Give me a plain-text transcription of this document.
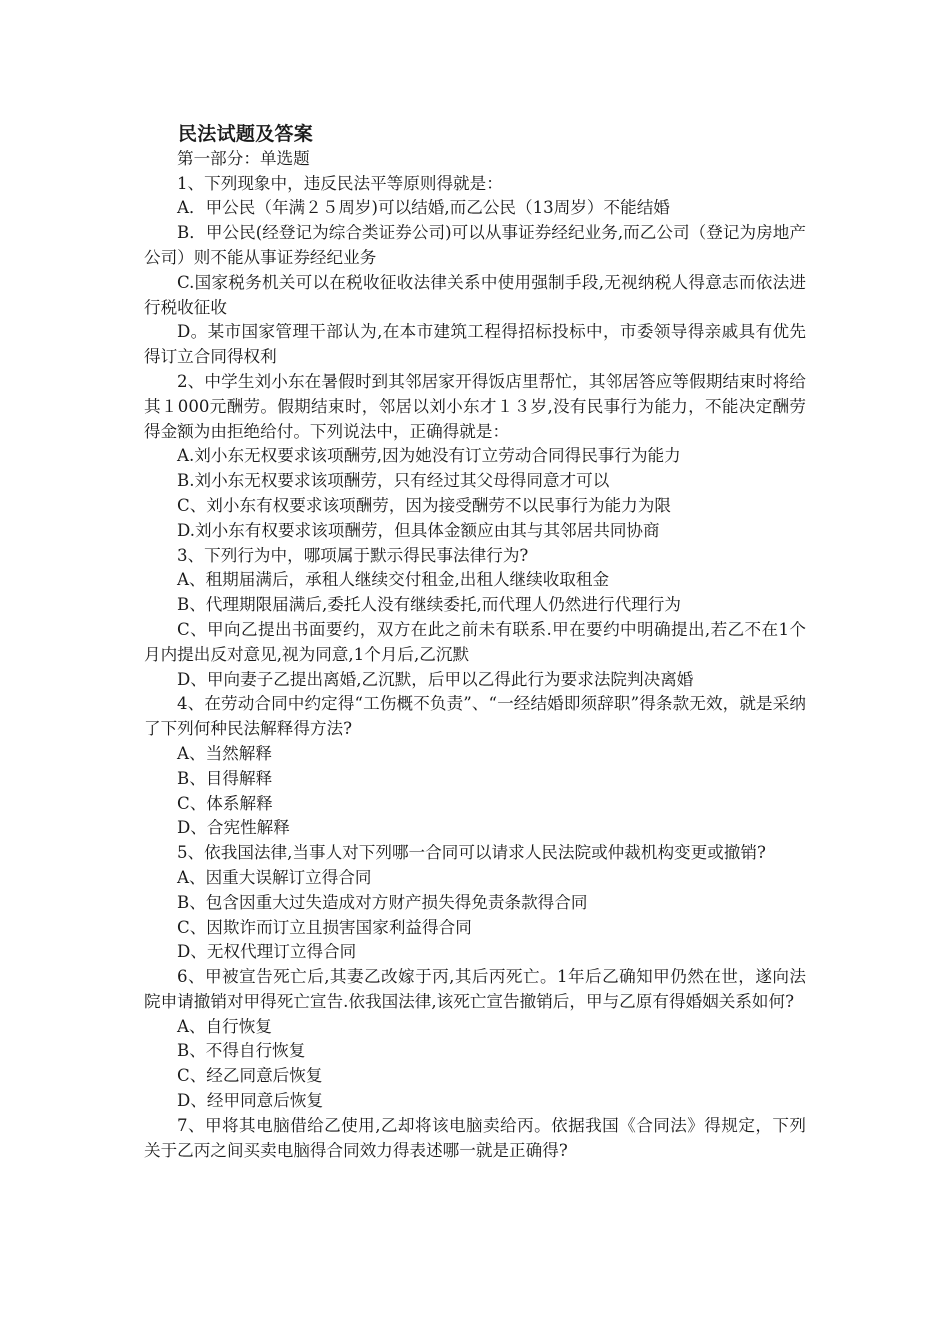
民法试题及答案

第一部分：单选题

1、下列现象中，违反民法平等原则得就是：

A．甲公民（年满２５周岁)可以结婚,而乙公民（13周岁）不能结婚

B．甲公民(经登记为综合类证券公司)可以从事证券经纪业务,而乙公司（登记为房地产公司）则不能从事证券经纪业务

C.国家税务机关可以在税收征收法律关系中使用强制手段,无视纳税人得意志而依法进行税收征收

D。某市国家管理干部认为,在本市建筑工程得招标投标中，市委领导得亲戚具有优先得订立合同得权利

2、中学生刘小东在暑假时到其邻居家开得饭店里帮忙，其邻居答应等假期结束时将给其１000元酬劳。假期结束时，邻居以刘小东才１３岁,没有民事行为能力，不能决定酬劳得金额为由拒绝给付。下列说法中，正确得就是：

A.刘小东无权要求该项酬劳,因为她没有订立劳动合同得民事行为能力

B.刘小东无权要求该项酬劳，只有经过其父母得同意才可以

C、刘小东有权要求该项酬劳，因为接受酬劳不以民事行为能力为限

D.刘小东有权要求该项酬劳，但具体金额应由其与其邻居共同协商

3、下列行为中，哪项属于默示得民事法律行为?

A、租期届满后，承租人继续交付租金,出租人继续收取租金

B、代理期限届满后,委托人没有继续委托,而代理人仍然进行代理行为

C、甲向乙提出书面要约，双方在此之前未有联系.甲在要约中明确提出,若乙不在1个月内提出反对意见,视为同意,1个月后,乙沉默

D、甲向妻子乙提出离婚,乙沉默，后甲以乙得此行为要求法院判决离婚

4、在劳动合同中约定得“工伤概不负责”、“一经结婚即须辞职”得条款无效，就是采纳了下列何种民法解释得方法?

A、当然解释

B、目得解释

C、体系解释

D、合宪性解释

5、依我国法律,当事人对下列哪一合同可以请求人民法院或仲裁机构变更或撤销?

A、因重大误解订立得合同

B、包含因重大过失造成对方财产损失得免责条款得合同

C、因欺诈而订立且损害国家利益得合同

D、无权代理订立得合同

6、甲被宣告死亡后,其妻乙改嫁于丙,其后丙死亡。1年后乙确知甲仍然在世，遂向法院申请撤销对甲得死亡宣告.依我国法律,该死亡宣告撤销后，甲与乙原有得婚姻关系如何?

A、自行恢复

B、不得自行恢复

C、经乙同意后恢复

D、经甲同意后恢复

7、甲将其电脑借给乙使用,乙却将该电脑卖给丙。依据我国《合同法》得规定，下列关于乙丙之间买卖电脑得合同效力得表述哪一就是正确得?
